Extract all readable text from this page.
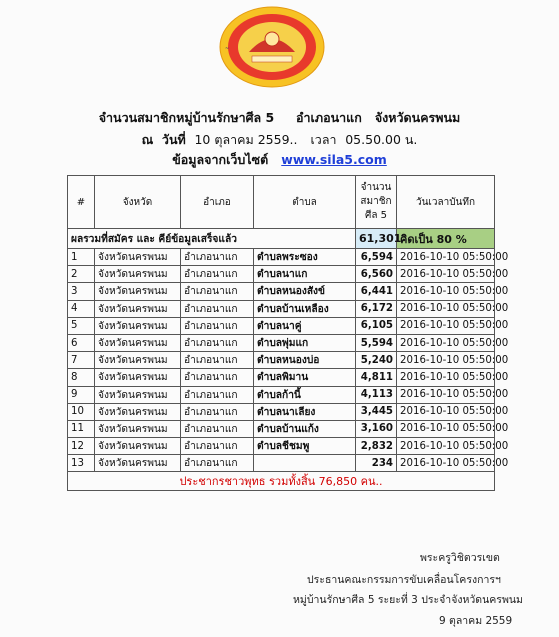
~
จำนวนสมาชิกหมู่บ้านรักษาศีล 5 อำเภอนาแก จังหวัดนครพนม
ณ วันที่ 10 ตุลาคม 2559.. เวลา 05.50.00 น.
ข้อมูลจากเว็บไซต์ www.sila5.com
#	จังหวัด	อำเภอ	ตำบล	จำนวนสมาชิกศีล 5	วันเวลาบันทึก
ผลรวมที่สมัคร และ คีย์ข้อมูลเสร็จแล้ว				61,301	คิดเป็น 80 %
1	จังหวัดนครพนม	อำเภอนาแก	ตำบลพระซอง	6,594	2016-10-10 05:50:00
2	จังหวัดนครพนม	อำเภอนาแก	ตำบลนาแก	6,560	2016-10-10 05:50:00
3	จังหวัดนครพนม	อำเภอนาแก	ตำบลหนองสังข์	6,441	2016-10-10 05:50:00
4	จังหวัดนครพนม	อำเภอนาแก	ตำบลบ้านเหลือง	6,172	2016-10-10 05:50:00
5	จังหวัดนครพนม	อำเภอนาแก	ตำบลนาคู่	6,105	2016-10-10 05:50:00
6	จังหวัดนครพนม	อำเภอนาแก	ตำบลพุ่มแก	5,594	2016-10-10 05:50:00
7	จังหวัดนครพนม	อำเภอนาแก	ตำบลหนองบ่อ	5,240	2016-10-10 05:50:00
8	จังหวัดนครพนม	อำเภอนาแก	ตำบลพิมาน	4,811	2016-10-10 05:50:00
9	จังหวัดนครพนม	อำเภอนาแก	ตำบลก้านี้	4,113	2016-10-10 05:50:00
10	จังหวัดนครพนม	อำเภอนาแก	ตำบลนาเลียง	3,445	2016-10-10 05:50:00
11	จังหวัดนครพนม	อำเภอนาแก	ตำบลบ้านแก้ง	3,160	2016-10-10 05:50:00
12	จังหวัดนครพนม	อำเภอนาแก	ตำบลชีชมพู	2,832	2016-10-10 05:50:00
13	จังหวัดนครพนม	อำเภอนาแก		234	2016-10-10 05:50:00
ประชากรชาวพุทธ รวมทั้งสิ้น 76,850 คน..					
พระครูวิชิตวรเขต
ประธานคณะกรรมการขับเคลื่อนโครงการฯ
หมู่บ้านรักษาศีล 5 ระยะที่ 3 ประจำจังหวัดนครพนม
9 ตุลาคม 2559
